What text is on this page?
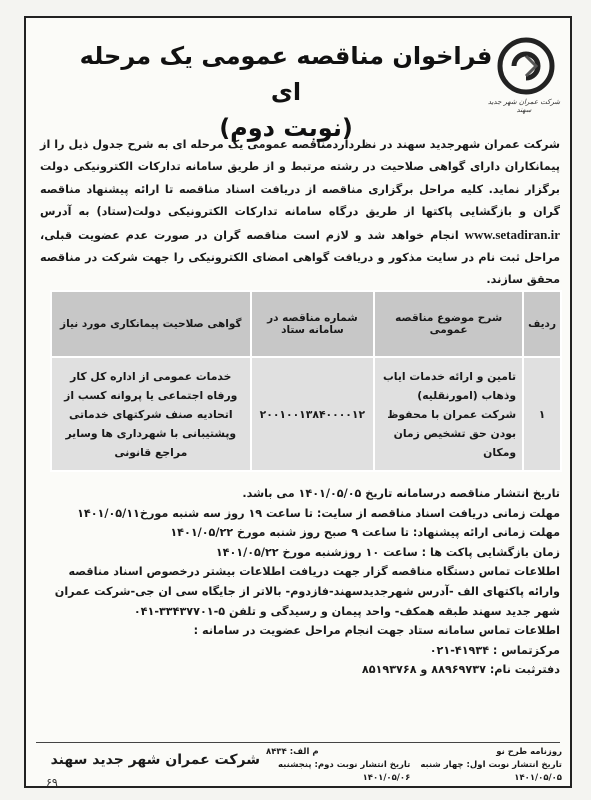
فراخوان مناقصه عمومی یک مرحله ای
(نوبت دوم)
شرکت عمران شهر جدید سهند
شرکت عمران شهرجدید سهند در نظرداردمناقصه عمومی یک مرحله ای به شرح جدول ذیل را از پیمانکاران دارای گواهی صلاحیت در رشته مرتبط و از طریق سامانه تدارکات الکترونیکی دولت برگزار نماید. کلیه مراحل برگزاری مناقصه از دریافت اسناد مناقصه تا ارائه پیشنهاد مناقصه گران و بازگشایی پاکتها از طریق درگاه سامانه تدارکات الکترونیکی دولت(ستاد) به آدرس www.setadiran.ir انجام خواهد شد و لازم است مناقصه گران در صورت عدم عضویت قبلی، مراحل ثبت نام در سایت مذکور و دریافت گواهی امضای الکترونیکی را جهت شرکت در مناقصه محقق سازند.
ردیف	شرح موضوع مناقصه عمومی	شماره مناقصه در سامانه ستاد	گواهی صلاحیت پیمانکاری مورد نیاز
۱	تامین و ارائه خدمات ایاب وذهاب (امورنقلیه) شرکت عمران با محفوظ بودن حق تشخیص زمان ومکان	۲۰۰۱۰۰۱۳۸۴۰۰۰۰۱۲	خدمات عمومی از اداره کل کار ورفاه اجتماعی یا پروانه کسب از اتحادیه صنف شرکتهای خدماتی وپشتیبانی با شهرداری ها وسایر مراجع قانونی
تاریخ انتشار مناقصه درسامانه تاریخ ۱۴۰۱/۰۵/۰۵ می باشد.
مهلت زمانی دریافت اسناد مناقصه از سایت: تا ساعت ۱۹ روز سه شنبه مورخ۱۴۰۱/۰۵/۱۱
مهلت زمانی ارائه پیشنهاد: تا ساعت ۹ صبح روز شنبه مورخ ۱۴۰۱/۰۵/۲۲
زمان بازگشایی پاکت ها : ساعت ۱۰ روزشنبه مورخ ۱۴۰۱/۰۵/۲۲
اطلاعات تماس دستگاه مناقصه گزار جهت دریافت اطلاعات بیشتر درخصوص اسناد مناقصه وارائه پاکتهای الف -آدرس شهرجدیدسهند-فازدوم- بالاتر از جایگاه سی ان جی-شرکت عمران شهر جدید سهند طبقه همکف- واحد پیمان و رسیدگی و تلفن ۵-۳۳۴۳۷۷۰۱-۰۴۱
اطلاعات تماس سامانه ستاد جهت انجام مراحل عضویت در سامانه :
مرکزتماس : ۴۱۹۳۴-۰۲۱
دفترثبت نام: ۸۸۹۶۹۷۳۷ و ۸۵۱۹۳۷۶۸
شرکت عمران شهر جدید سهند
۶۹
روزنامه طرح نو
م الف: ۸۴۳۴
تاریخ انتشار نوبت اول: چهار شنبه ۱۴۰۱/۰۵/۰۵
تاریخ انتشار نوبت دوم: پنجشنبه ۱۴۰۱/۰۵/۰۶
